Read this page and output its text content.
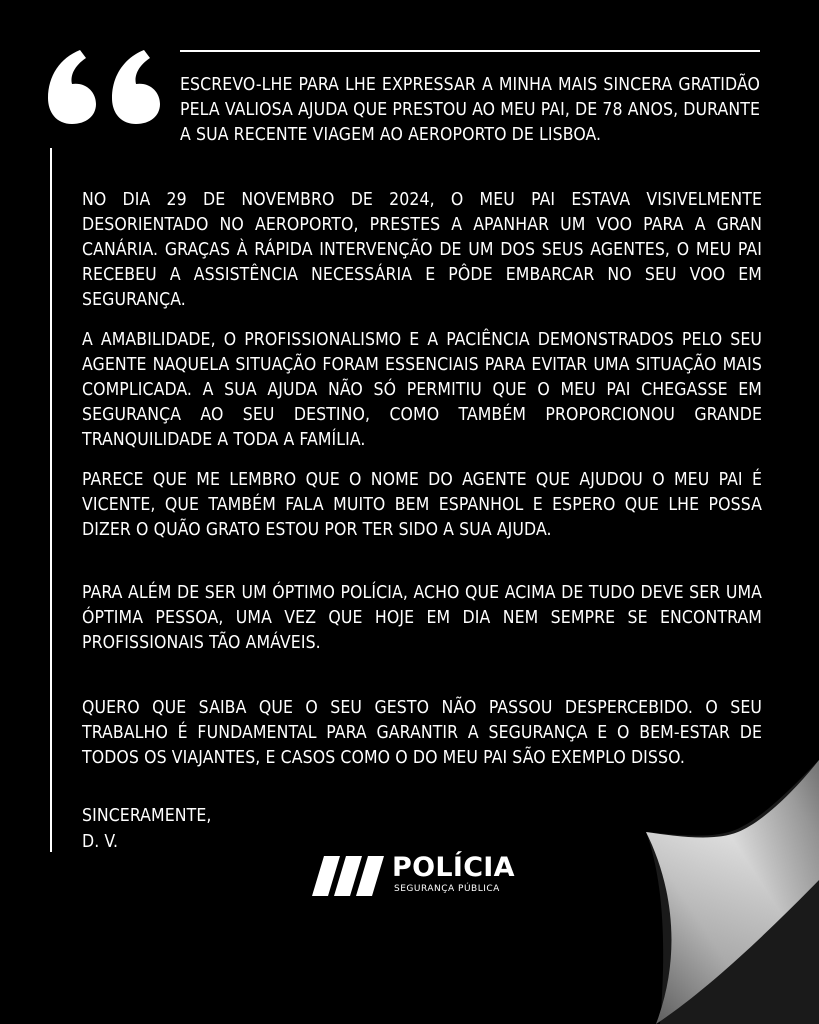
ESCREVO-LHE PARA LHE EXPRESSAR A MINHA MAIS SINCERA GRATIDÃO PELA VALIOSA AJUDA QUE PRESTOU AO MEU PAI, DE 78 ANOS, DURANTE A SUA RECENTE VIAGEM AO AEROPORTO DE LISBOA.

NO DIA 29 DE NOVEMBRO DE 2024, O MEU PAI ESTAVA VISIVELMENTE DESORIENTADO NO AEROPORTO, PRESTES A APANHAR UM VOO PARA A GRAN CANÁRIA. GRAÇAS À RÁPIDA INTERVENÇÃO DE UM DOS SEUS AGENTES, O MEU PAI RECEBEU A ASSISTÊNCIA NECESSÁRIA E PÔDE EMBARCAR NO SEU VOO EM SEGURANÇA.

A AMABILIDADE, O PROFISSIONALISMO E A PACIÊNCIA DEMONSTRADOS PELO SEU AGENTE NAQUELA SITUAÇÃO FORAM ESSENCIAIS PARA EVITAR UMA SITUAÇÃO MAIS COMPLICADA. A SUA AJUDA NÃO SÓ PERMITIU QUE O MEU PAI CHEGASSE EM SEGURANÇA AO SEU DESTINO, COMO TAMBÉM PROPORCIONOU GRANDE TRANQUILIDADE A TODA A FAMÍLIA.

PARECE QUE ME LEMBRO QUE O NOME DO AGENTE QUE AJUDOU O MEU PAI É VICENTE, QUE TAMBÉM FALA MUITO BEM ESPANHOL E ESPERO QUE LHE POSSA DIZER O QUÃO GRATO ESTOU POR TER SIDO A SUA AJUDA.

PARA ALÉM DE SER UM ÓPTIMO POLÍCIA, ACHO QUE ACIMA DE TUDO DEVE SER UMA ÓPTIMA PESSOA, UMA VEZ QUE HOJE EM DIA NEM SEMPRE SE ENCONTRAM PROFISSIONAIS TÃO AMÁVEIS.

QUERO QUE SAIBA QUE O SEU GESTO NÃO PASSOU DESPERCEBIDO. O SEU TRABALHO É FUNDAMENTAL PARA GARANTIR A SEGURANÇA E O BEM-ESTAR DE TODOS OS VIAJANTES, E CASOS COMO O DO MEU PAI SÃO EXEMPLO DISSO.

SINCERAMENTE,
D. V.
POLÍCIA
SEGURANÇA PÚBLICA
